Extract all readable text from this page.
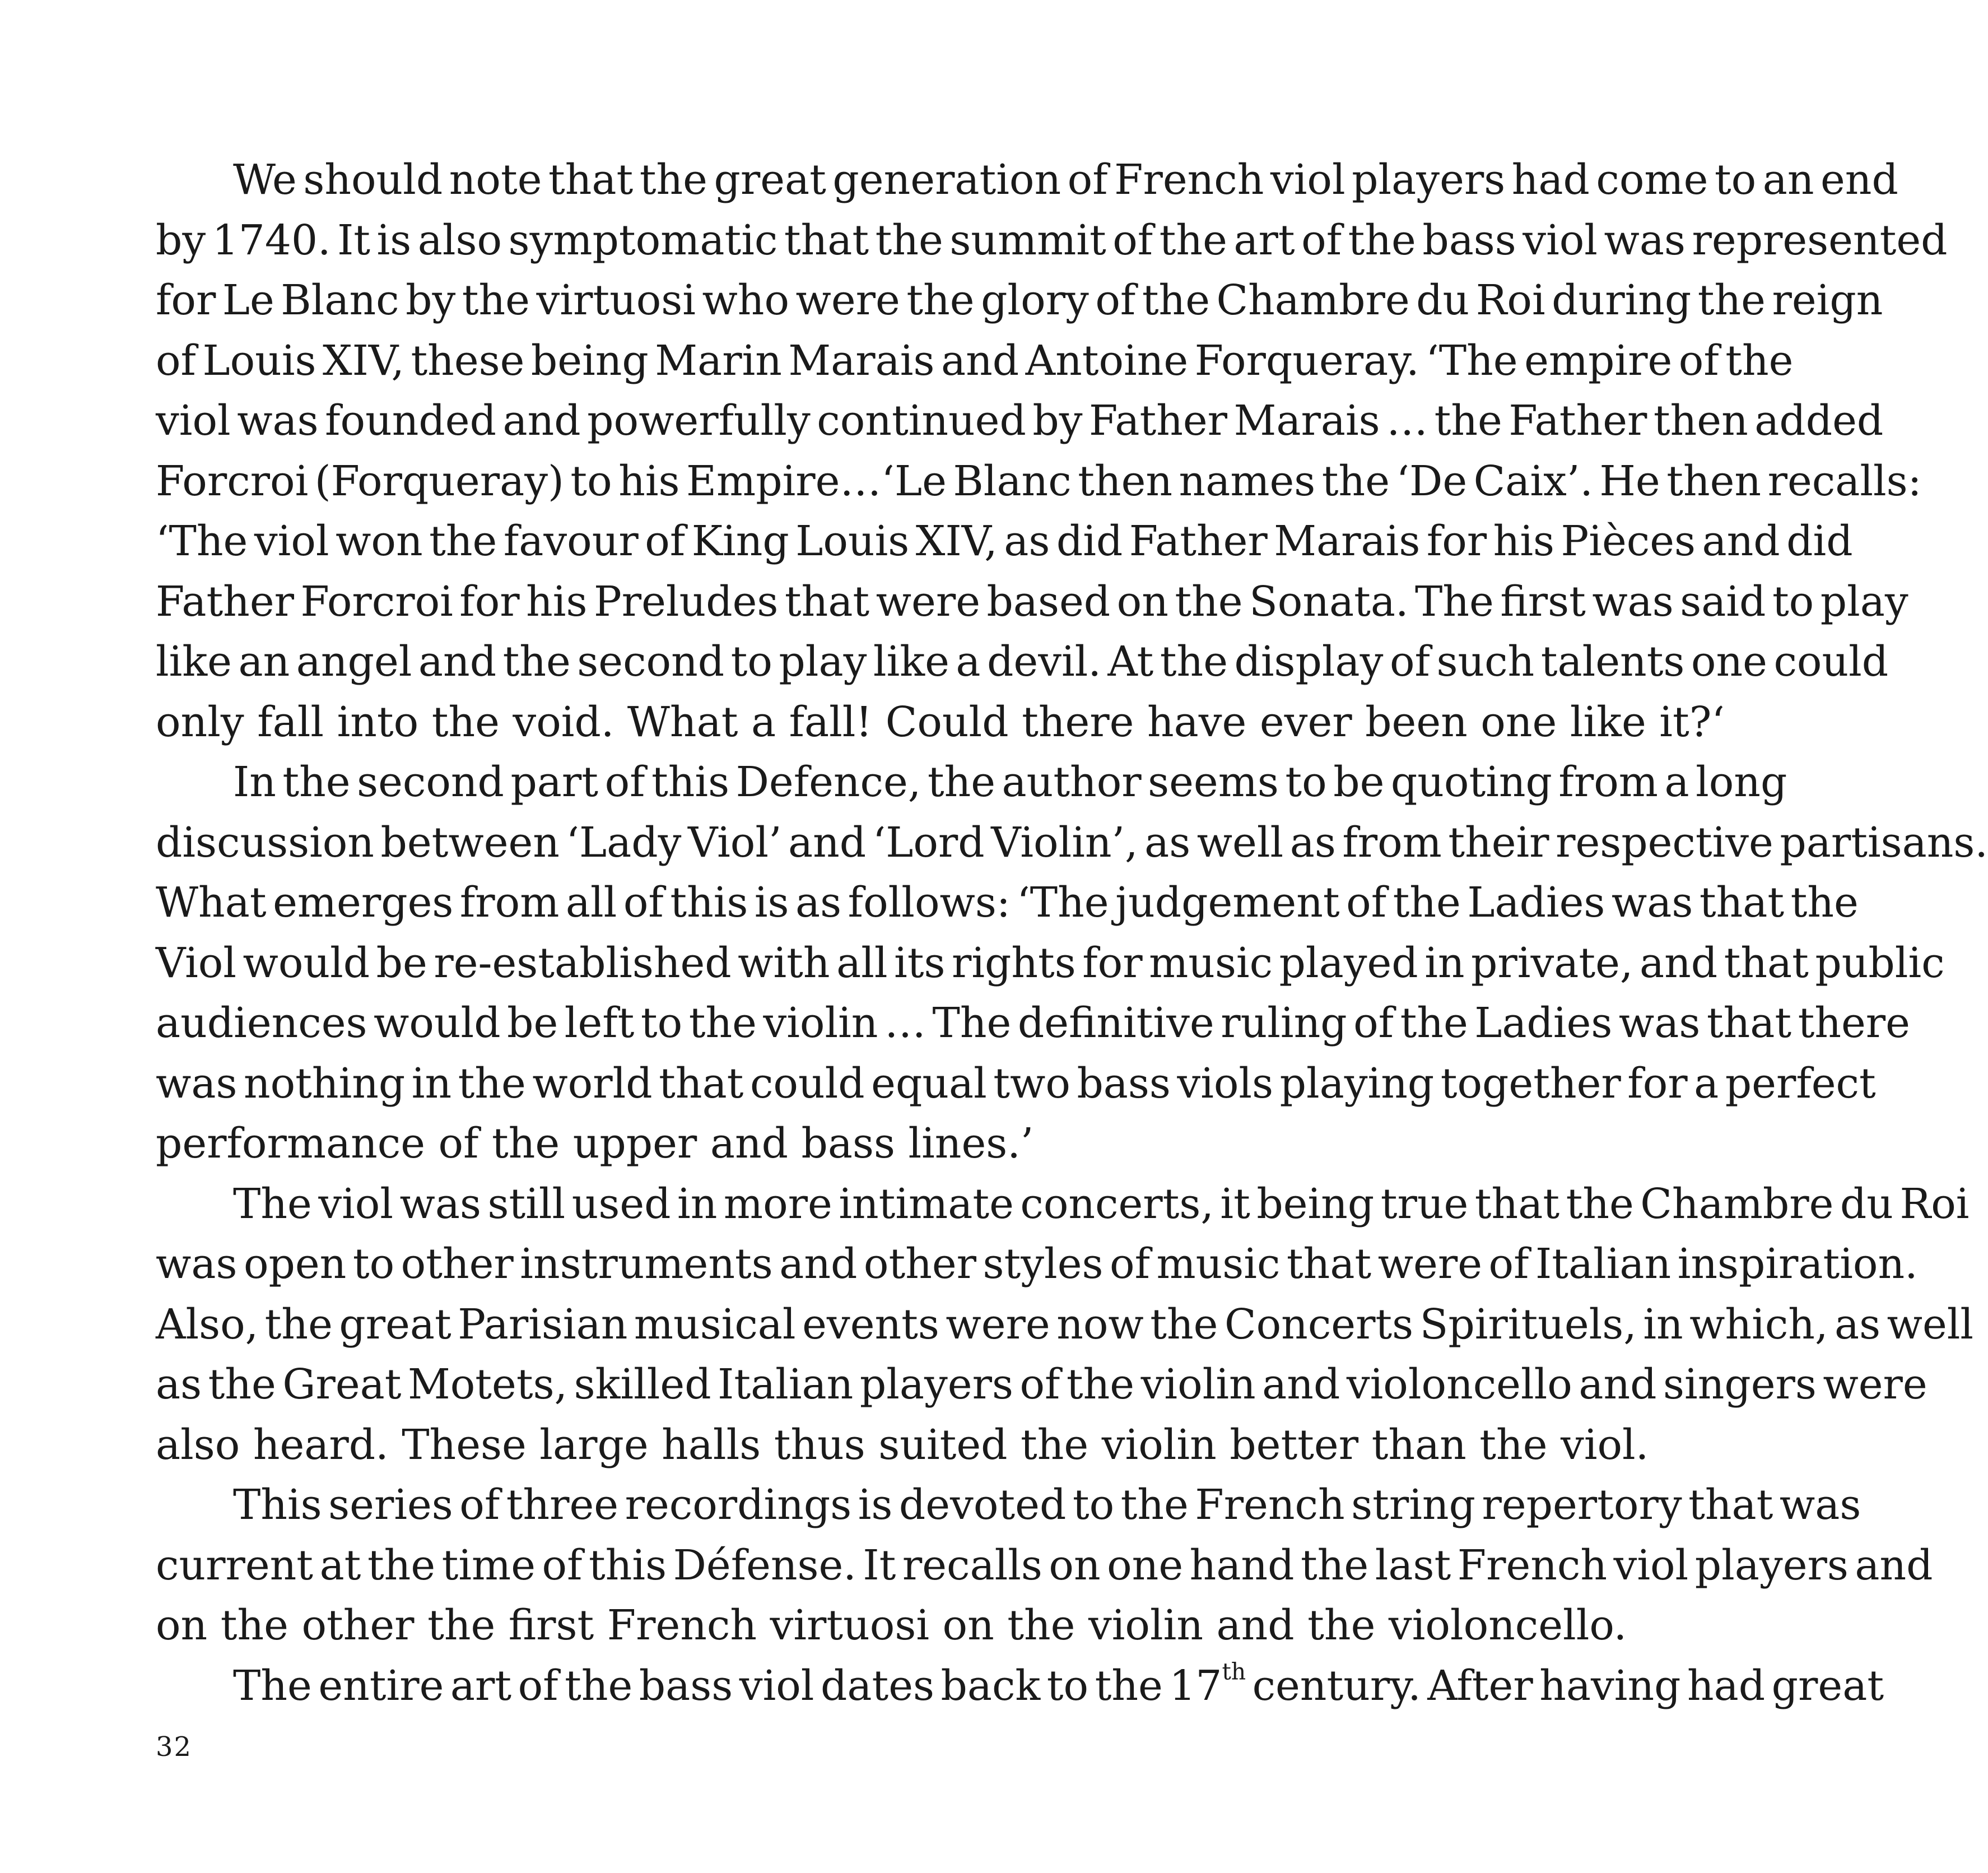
We should note that the great generation of French viol players had come to an end
by 1740. It is also symptomatic that the summit of the art of the bass viol was represented
for Le Blanc by the virtuosi who were the glory of the Chambre du Roi during the reign
of Louis XIV, these being Marin Marais and Antoine Forqueray. ‘The empire of the
viol was founded and powerfully continued by Father Marais … the Father then added
Forcroi (Forqueray) to his Empire…‘Le Blanc then names the ‘De Caix’. He then recalls:
‘The viol won the favour of King Louis XIV, as did Father Marais for his Pièces and did
Father Forcroi for his Preludes that were based on the Sonata. The first was said to play
like an angel and the second to play like a devil. At the display of such talents one could
only fall into the void. What a fall! Could there have ever been one like it?‘
In the second part of this Defence, the author seems to be quoting from a long
discussion between ‘Lady Viol’ and ‘Lord Violin’, as well as from their respective partisans.
What emerges from all of this is as follows: ‘The judgement of the Ladies was that the
Viol would be re-established with all its rights for music played in private, and that public
audiences would be left to the violin … The definitive ruling of the Ladies was that there
was nothing in the world that could equal two bass viols playing together for a perfect
performance of the upper and bass lines.’
The viol was still used in more intimate concerts, it being true that the Chambre du Roi
was open to other instruments and other styles of music that were of Italian inspiration.
Also, the great Parisian musical events were now the Concerts Spirituels, in which, as well
as the Great Motets, skilled Italian players of the violin and violoncello and singers were
also heard. These large halls thus suited the violin better than the viol.
This series of three recordings is devoted to the French string repertory that was
current at the time of this Défense. It recalls on one hand the last French viol players and
on the other the first French virtuosi on the violin and the violoncello.
The entire art of the bass viol dates back to the 17th century. After having had great
32
